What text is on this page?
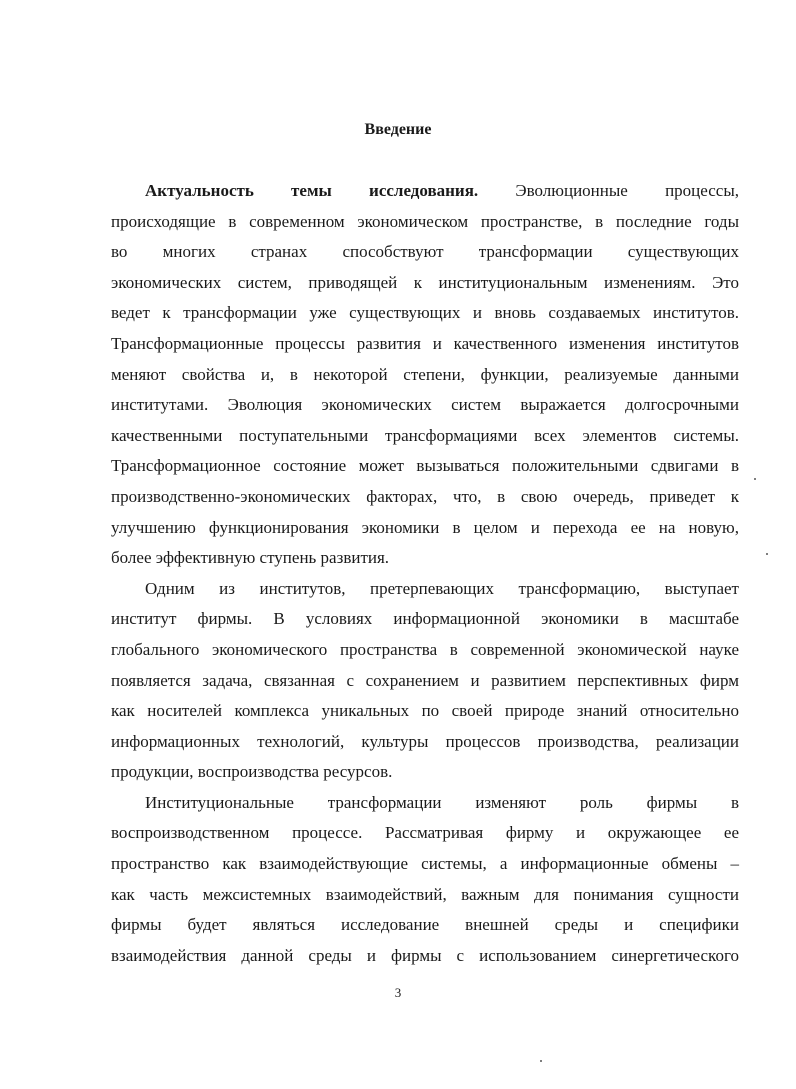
Введение
Актуальность темы исследования. Эволюционные процессы,
происходящие в современном экономическом пространстве, в последние годы
во многих странах способствуют трансформации существующих
экономических систем, приводящей к институциональным изменениям. Это
ведет к трансформации уже существующих и вновь создаваемых институтов.
Трансформационные процессы развития и качественного изменения институтов
меняют свойства и, в некоторой степени, функции, реализуемые данными
институтами. Эволюция экономических систем выражается долгосрочными
качественными поступательными трансформациями всех элементов системы.
Трансформационное состояние может вызываться положительными сдвигами в
производственно-экономических факторах, что, в свою очередь, приведет к
улучшению функционирования экономики в целом и перехода ее на новую,
более эффективную ступень развития.
Одним из институтов, претерпевающих трансформацию, выступает
институт фирмы. В условиях информационной экономики в масштабе
глобального экономического пространства в современной экономической науке
появляется задача, связанная с сохранением и развитием перспективных фирм
как носителей комплекса уникальных по своей природе знаний относительно
информационных технологий, культуры процессов производства, реализации
продукции, воспроизводства ресурсов.
Институциональные трансформации изменяют роль фирмы в
воспроизводственном процессе. Рассматривая фирму и окружающее ее
пространство как взаимодействующие системы, а информационные обмены –
как часть межсистемных взаимодействий, важным для понимания сущности
фирмы будет являться исследование внешней среды и специфики
взаимодействия данной среды и фирмы с использованием синергетического
3
